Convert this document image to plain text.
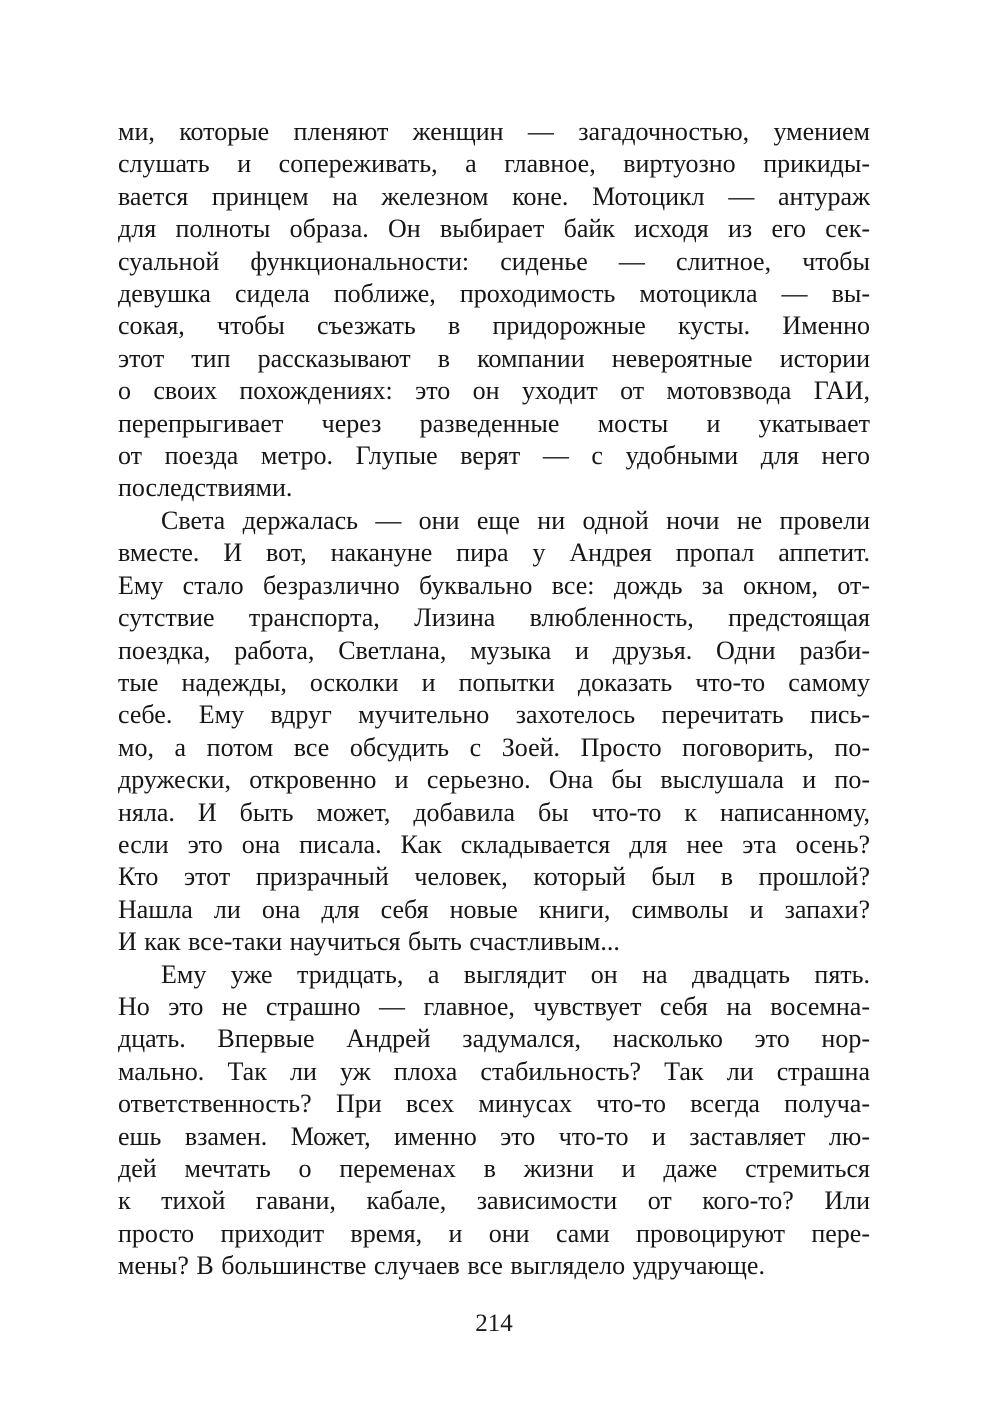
ми, которые пленяют женщин — загадочностью, умением
слушать и сопереживать, а главное, виртуозно прикиды-
вается принцем на железном коне. Мотоцикл — антураж
для полноты образа. Он выбирает байк исходя из его сек-
суальной функциональности: сиденье — слитное, чтобы
девушка сидела поближе, проходимость мотоцикла — вы-
сокая, чтобы съезжать в придорожные кусты. Именно
этот тип рассказывают в компании невероятные истории
о своих похождениях: это он уходит от мотовзвода ГАИ,
перепрыгивает через разведенные мосты и укатывает
от поезда метро. Глупые верят — с удобными для него
последствиями.
Света держалась — они еще ни одной ночи не провели
вместе. И вот, накануне пира у Андрея пропал аппетит.
Ему стало безразлично буквально все: дождь за окном, от-
сутствие транспорта, Лизина влюбленность, предстоящая
поездка, работа, Светлана, музыка и друзья. Одни разби-
тые надежды, осколки и попытки доказать что-то самому
себе. Ему вдруг мучительно захотелось перечитать пись-
мо, а потом все обсудить с Зоей. Просто поговорить, по-
дружески, откровенно и серьезно. Она бы выслушала и по-
няла. И быть может, добавила бы что-то к написанному,
если это она писала. Как складывается для нее эта осень?
Кто этот призрачный человек, который был в прошлой?
Нашла ли она для себя новые книги, символы и запахи?
И как все-таки научиться быть счастливым...
Ему уже тридцать, а выглядит он на двадцать пять.
Но это не страшно — главное, чувствует себя на восемна-
дцать. Впервые Андрей задумался, насколько это нор-
мально. Так ли уж плоха стабильность? Так ли страшна
ответственность? При всех минусах что-то всегда получа-
ешь взамен. Может, именно это что-то и заставляет лю-
дей мечтать о переменах в жизни и даже стремиться
к тихой гавани, кабале, зависимости от кого-то? Или
просто приходит время, и они сами провоцируют пере-
мены? В большинстве случаев все выглядело удручающе.
214
